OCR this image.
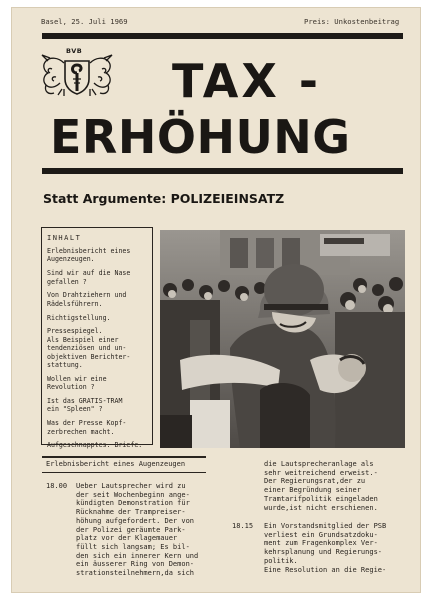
Basel, 25. Juli 1969	Preis: Unkostenbeitrag
BVB
TAX -
ERHÖHUNG
Statt Argumente: POLIZEIEINSATZ
INHALT
Erlebnisbericht eines
Augenzeugen.
Sind wir auf die Nase
gefallen ?
Von Drahtziehern und
Rädelsführern.
Richtigstellung.
Pressespiegel.
Als Beispiel einer
tendenziösen und un-
objektiven Berichter-
stattung.
Wollen wir eine
Revolution ?
Ist das GRATIS-TRAM
ein "Spleen" ?
Was der Presse Kopf-
zerbrechen macht.
Aufgeschnapptes. Briefe.
Erlebnisbericht eines Augenzeugen
18.00 Ueber Lautsprecher wird zu
der seit Wochenbeginn ange-
kündigten Demonstration für
Rücknahme der Trampreiser-
höhung aufgefordert. Der von
der Polizei geräumte Park-
platz vor der Klagemauer
füllt sich langsam; Es bil-
den sich ein innerer Kern und
ein äusserer Ring von Demon-
strationsteilnehmern,da sich
die Lautsprecheranlage als
sehr weitreichend erweist.-
Der Regierungsrat,der zu
einer Begründung seiner
Tramtarifpolitik eingeladen
wurde,ist nicht erschienen.
18.15 Ein Vorstandsmitglied der PSB
verliest ein Grundsatzdoku-
ment zum Fragenkomplex Ver-
kehrsplanung und Regierungs-
politik.
Eine Resolution an die Regie-
